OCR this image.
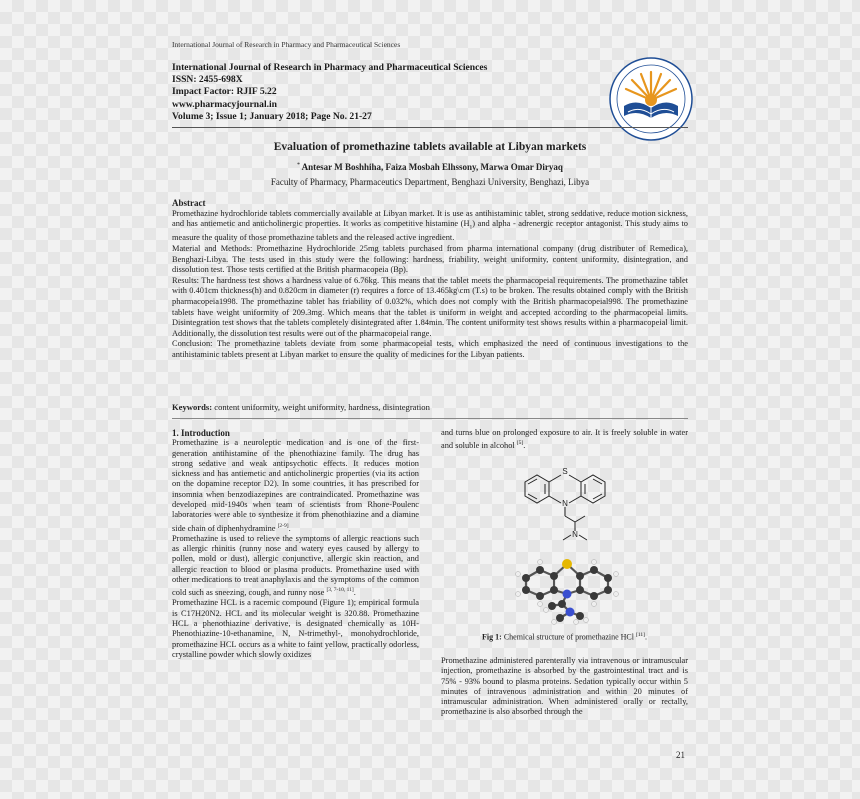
International Journal of Research in Pharmacy and Pharmaceutical Sciences
International Journal of Research in Pharmacy and Pharmaceutical Sciences
ISSN: 2455-698X
Impact Factor: RJIF 5.22
www.pharmacyjournal.in
Volume 3; Issue 1; January 2018; Page No. 21-27
Evaluation of promethazine tablets available at Libyan markets
* Antesar M Boshhiha, Faiza Mosbah Elhssony, Marwa Omar Diryaq
Faculty of Pharmacy, Pharmaceutics Department, Benghazi University, Benghazi, Libya
Abstract

Promethazine hydrochloride tablets commercially available at Libyan market. It is use as antihistaminic tablet, strong seddative, reduce motion sickness, and has antiemetic and anticholinergic properties. It works as competitive histamine $(H_1)$ and alpha - adrenergic receptor antagonist. This study aims to measure the quality of those promethazine tablets and the released active ingredient.

Material and Methods: Promethazine Hydrochloride 25mg tablets purchased from pharma international company (drug distributer of Remedica), Benghazi-Libya. The tests used in this study were the following: hardness, friability, weight uniformity, content uniformity, disintegration, and dissolution test. Those tests certified at the British pharmacopeia (Bp).

Results: The hardness test shows a hardness value of 6.76kg. This means that the tablet meets the pharmacopeial requirements. The promethazine tablet with 0.401cm thickness(h) and 0.820cm in diameter (r) requires a force of 13.465kg\cm (T.s) to be broken. The results obtained comply with the British pharmacopeia1998. The promethazine tablet has friability of 0.032%, which does not comply with the British pharmacopeial998. The promethazine tablets have weight uniformity of 209.3mg. Which means that the tablet is uniform in weight and accepted according to the pharmacopeial limits. Disintegration test shows that the tablets completely disintegrated after 1.84min. The content uniformity test shows results within a pharmacopeial limit. Additionally, the dissolution test results were out of the pharmacopeial range.

Conclusion: The promethazine tablets deviate from some pharmacopeial tests, which emphasized the need of continuous investigations to the antihistaminic tablets present at Libyan market to ensure the quality of medicines for the Libyan patients.

Keywords: content uniformity, weight uniformity, hardness, disintegration
1. Introduction

Promethazine is a neuroleptic medication and is one of the first-generation antihistamine of the phenothiazine family. The drug has strong sedative and weak antipsychotic effects. It reduces motion sickness and has antiemetic and anticholinergic properties (via its action on the dopamine receptor D2). In some countries, it has prescribed for insomnia when benzodiazepines are contraindicated. Promethazine was developed mid-1940s when team of scientists from Rhone-Poulenc laboratories were able to synthesize it from phenothiazine and a diamine side chain of diphenhydramine [2-9].

Promethazine is used to relieve the symptoms of allergic reactions such as allergic rhinitis (runny nose and watery eyes caused by allergy to pollen, mold or dust), allergic conjunctive, allergic skin reaction, and allergic reaction to blood or plasma products. Promethazine used with other medications to treat anaphylaxis and the symptoms of the common cold such as sneezing, cough, and runny nose [3, 7-10, 11].

Promethazine HCL is a racemic compound (Figure 1); empirical formula is C17H20N2. HCL and its molecular weight is 320.88. Promethazine HCL a phenothiazine derivative, is designated chemically as 10H-Phenothiazine-10-ethanamine, N, N-trimethyl-, monohydrochloride, promethazine HCL occurs as a white to faint yellow, practically odorless, crystalline powder which slowly oxidizes

and turns blue on prolonged exposure to air. It is freely soluble in water and soluble in alcohol [5].
S
N
N
Fig 1: Chemical structure of promethazine HCl [11].
Promethazine administered parenterally via intravenous or intramuscular injection, promethazine is absorbed by the gastrointestinal tract and is 75% - 93% bound to plasma proteins. Sedation typically occur within 5 minutes of intravenous administration and within 20 minutes of intramuscular administration. When administered orally or rectally, promethazine is also absorbed through the
21
